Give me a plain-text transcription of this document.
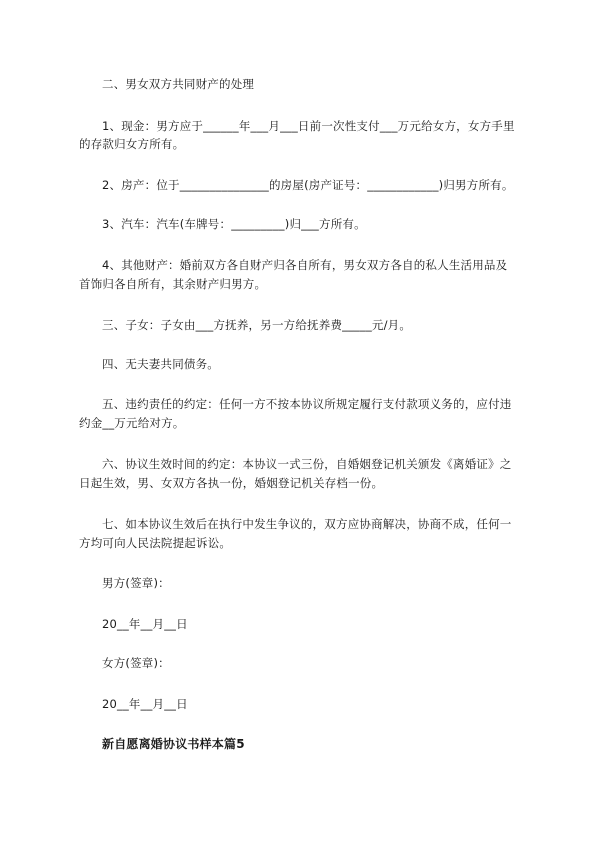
二、男女双方共同财产的处理
1、现金：男方应于______年___月___日前一次性支付___万元给女方，女方手里
的存款归女方所有。
2、房产：位于_______________的房屋(房产证号：____________)归男方所有。
3、汽车：汽车(车牌号：_________)归___方所有。
4、其他财产：婚前双方各自财产归各自所有，男女双方各自的私人生活用品及
首饰归各自所有，其余财产归男方。
三、子女：子女由___方抚养，另一方给抚养费_____元/月。
四、无夫妻共同债务。
五、违约责任的约定：任何一方不按本协议所规定履行支付款项义务的，应付违
约金__万元给对方。
六、协议生效时间的约定：本协议一式三份，自婚姻登记机关颁发《离婚证》之
日起生效，男、女双方各执一份，婚姻登记机关存档一份。
七、如本协议生效后在执行中发生争议的，双方应协商解决，协商不成，任何一
方均可向人民法院提起诉讼。
男方(签章)：
20__年__月__日
女方(签章)：
20__年__月__日
新自愿离婚协议书样本篇5
